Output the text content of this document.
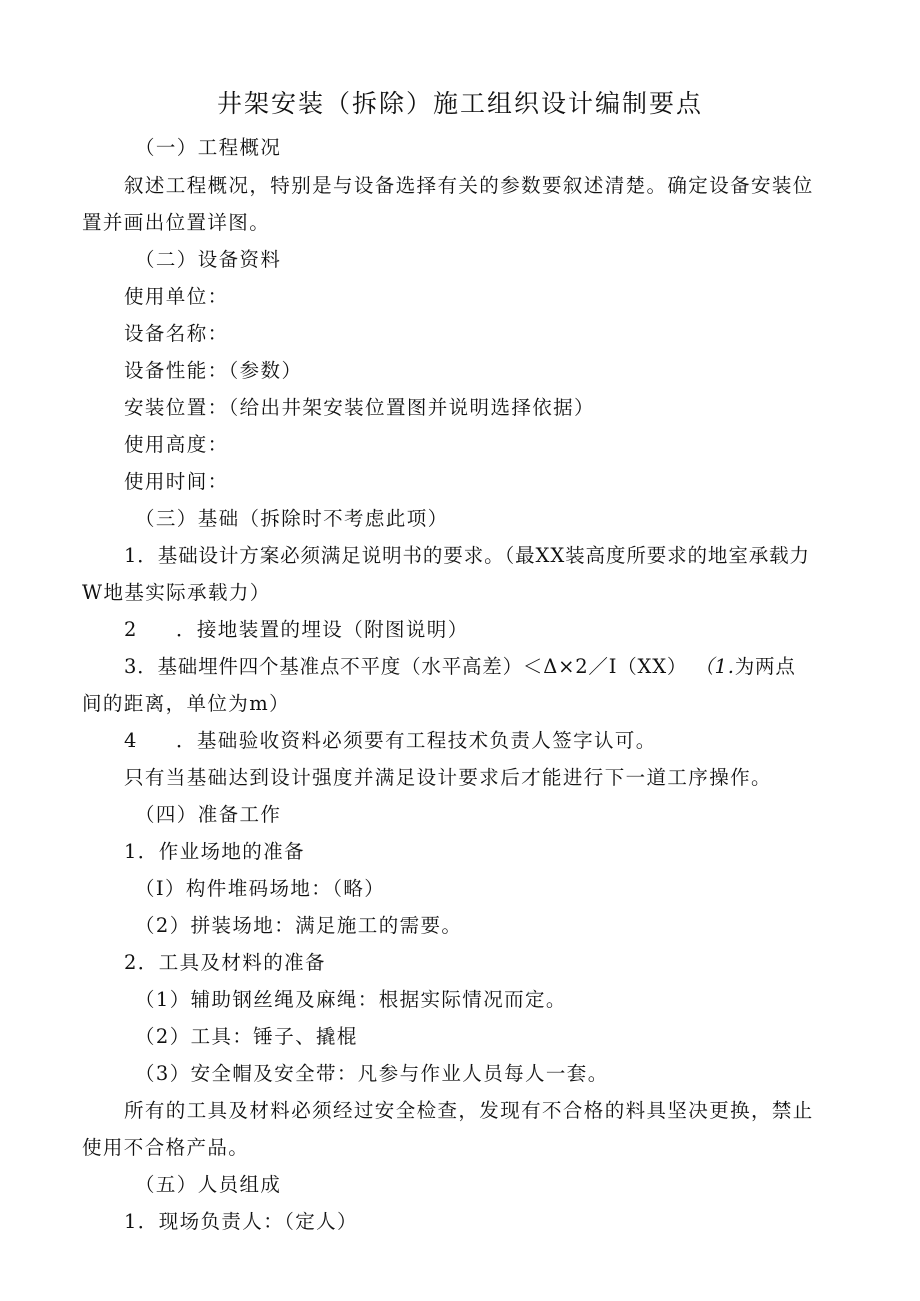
井架安装（拆除）施工组织设计编制要点
（一）工程概况
叙述工程概况，特别是与设备选择有关的参数要叙述清楚。确定设备安装位
置并画出位置详图。
（二）设备资料
使用单位：
设备名称：
设备性能：（参数）
安装位置：（给出井架安装位置图并说明选择依据）
使用高度：
使用时间：
（三）基础（拆除时不考虑此项）
1．基础设计方案必须满足说明书的要求。（最XX装高度所要求的地室承载力
W地基实际承载力）
2 ．接地装置的埋设（附图说明）
3．基础埋件四个基准点不平度（水平高差）＜Δ×2／I（XX） （1.为两点
间的距离，单位为m）
4 ．基础验收资料必须要有工程技术负责人签字认可。
只有当基础达到设计强度并满足设计要求后才能进行下一道工序操作。
（四）准备工作
1．作业场地的准备
（I）构件堆码场地：（略）
（2）拼装场地：满足施工的需要。
2．工具及材料的准备
（1）辅助钢丝绳及麻绳：根据实际情况而定。
（2）工具：锤子、撬棍
（3）安全帽及安全带：凡参与作业人员每人一套。
所有的工具及材料必须经过安全检查，发现有不合格的料具坚决更换，禁止
使用不合格产品。
（五）人员组成
1．现场负责人：（定人）
